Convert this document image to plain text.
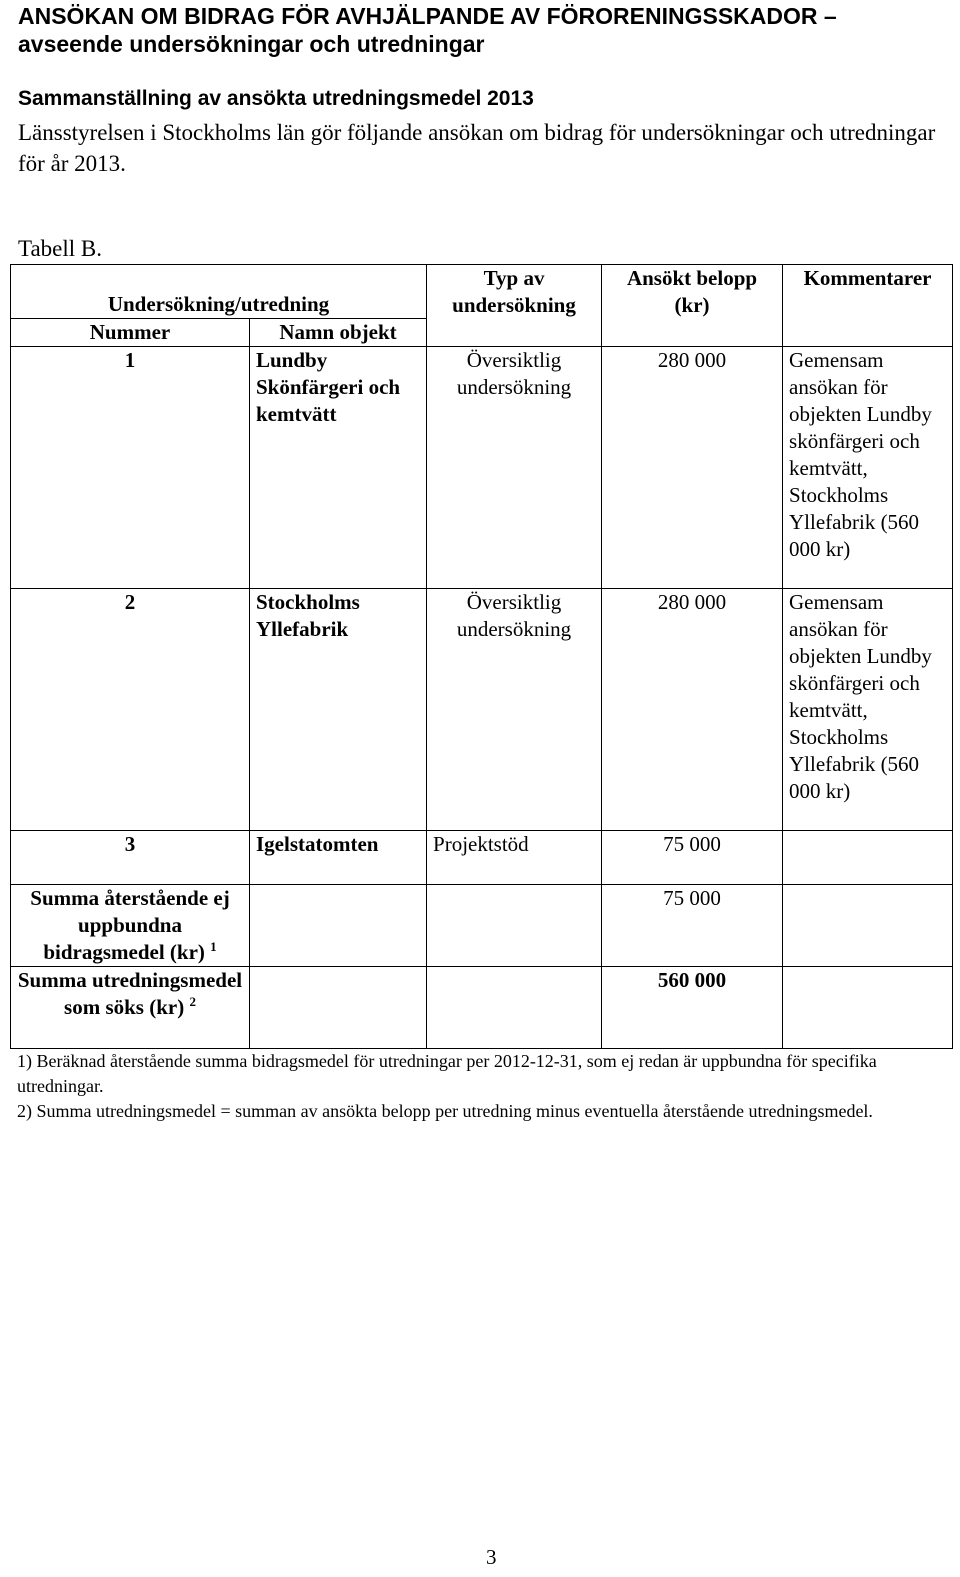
ANSÖKAN OM BIDRAG FÖR AVHJÄLPANDE AV FÖRORENINGSSKADOR –
avseende undersökningar och utredningar
Sammanställning av ansökta utredningsmedel 2013
Länsstyrelsen i Stockholms län gör följande ansökan om bidrag för undersökningar och utredningar för år 2013.
Tabell B.
Undersökning/utredning		Typ av undersökning	Ansökt belopp (kr)	Kommentarer
Nummer	Namn objekt			
1	Lundby Skönfärgeri och kemtvätt	Översiktlig undersökning	280 000	Gemensam ansökan för objekten Lundby skönfärgeri och kemtvätt, Stockholms Yllefabrik (560 000 kr)
2	Stockholms Yllefabrik	Översiktlig undersökning	280 000	Gemensam ansökan för objekten Lundby skönfärgeri och kemtvätt, Stockholms Yllefabrik (560 000 kr)
3	Igelstatomten	Projektstöd	75 000	
Summa återstående ej uppbundna bidragsmedel (kr) $^1$			75 000	
Summa utredningsmedel som söks (kr) $^2$			560 000	
1) Beräknad återstående summa bidragsmedel för utredningar per 2012-12-31, som ej redan är uppbundna för specifika utredningar.
2) Summa utredningsmedel = summan av ansökta belopp per utredning minus eventuella återstående utredningsmedel.
3
